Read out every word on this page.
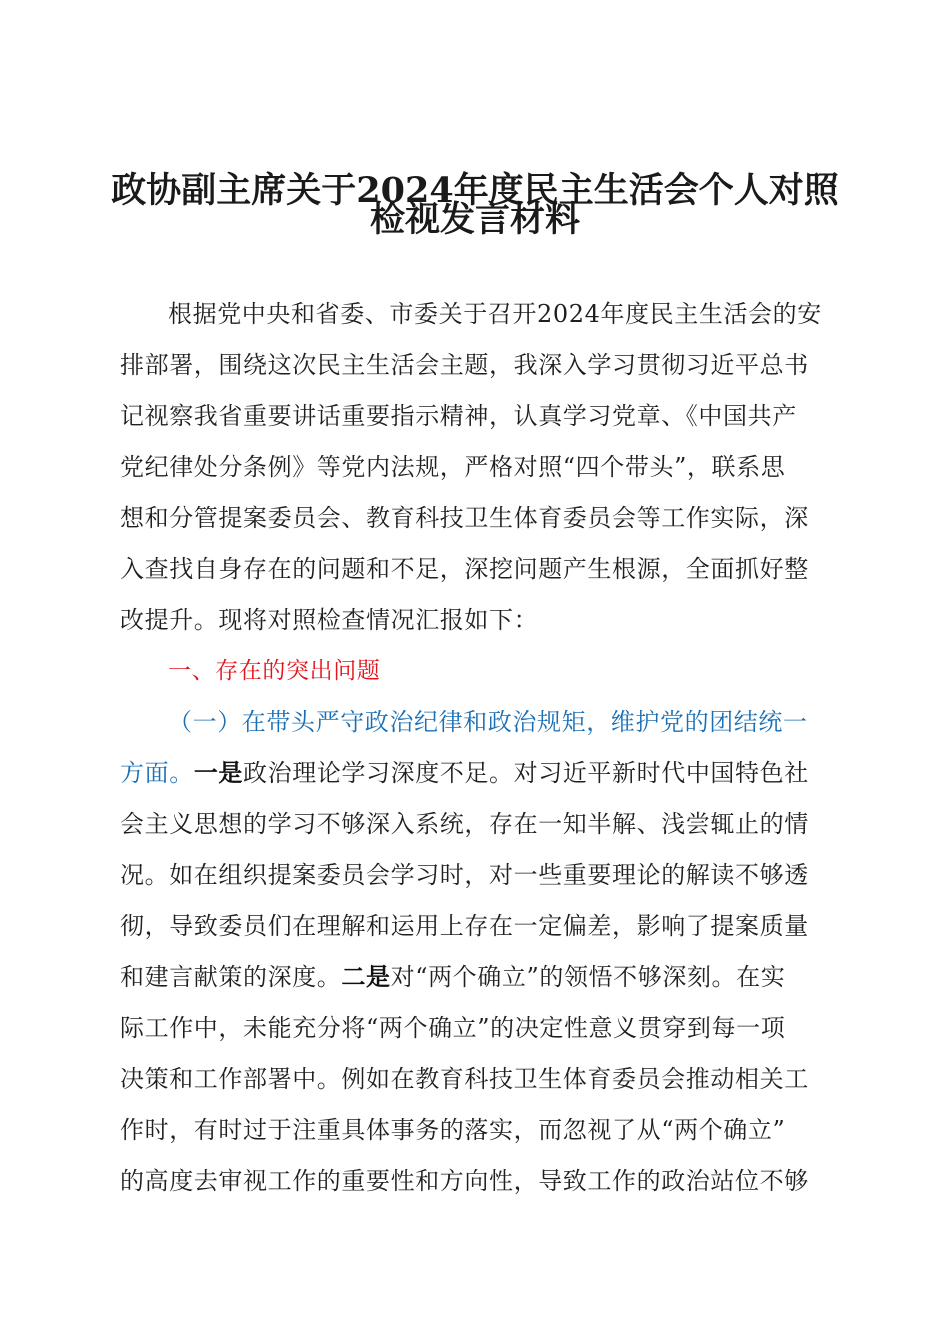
政协副主席关于2024年度民主生活会个人对照
检视发言材料
根据党中央和省委、市委关于召开2024年度民主生活会的安
排部署，围绕这次民主生活会主题，我深入学习贯彻习近平总书
记视察我省重要讲话重要指示精神，认真学习党章、《中国共产
党纪律处分条例》等党内法规，严格对照“四个带头”，联系思
想和分管提案委员会、教育科技卫生体育委员会等工作实际，深
入查找自身存在的问题和不足，深挖问题产生根源，全面抓好整
改提升。现将对照检查情况汇报如下：
一、存在的突出问题
（一）在带头严守政治纪律和政治规矩，维护党的团结统一
方面。一是政治理论学习深度不足。对习近平新时代中国特色社
会主义思想的学习不够深入系统，存在一知半解、浅尝辄止的情
况。如在组织提案委员会学习时，对一些重要理论的解读不够透
彻，导致委员们在理解和运用上存在一定偏差，影响了提案质量
和建言献策的深度。二是对“两个确立”的领悟不够深刻。在实
际工作中，未能充分将“两个确立”的决定性意义贯穿到每一项
决策和工作部署中。例如在教育科技卫生体育委员会推动相关工
作时，有时过于注重具体事务的落实，而忽视了从“两个确立”
的高度去审视工作的重要性和方向性，导致工作的政治站位不够
